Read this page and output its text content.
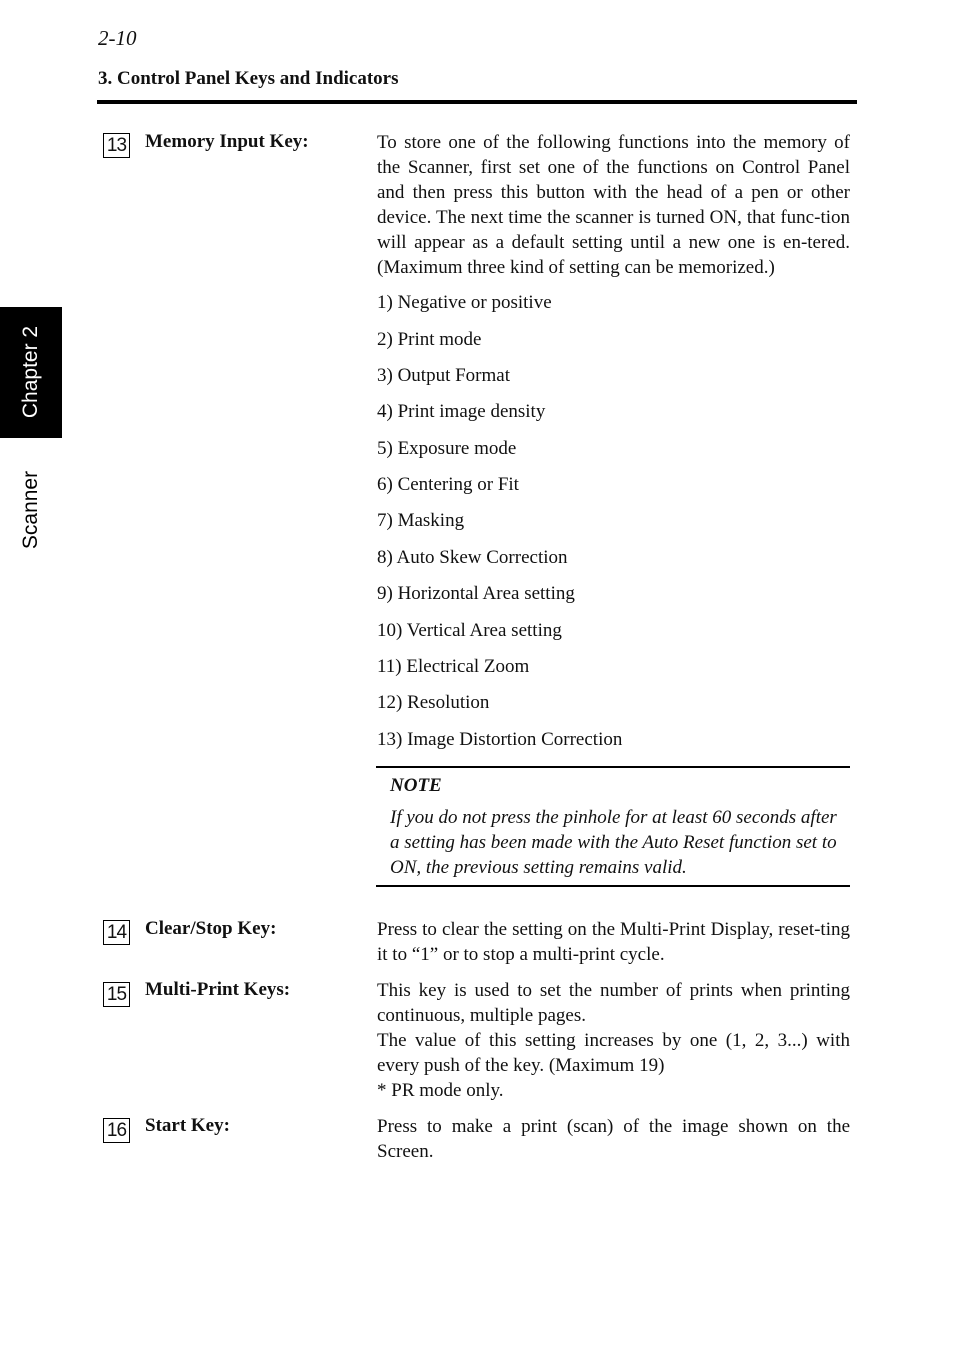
2-10
3. Control Panel Keys and Indicators
Chapter 2
Scanner
13 Memory Input Key:	To store one of the following functions into the memory of the Scanner, first set one of the functions on Control Panel and then press this button with the head of a pen or other device. The next time the scanner is turned ON, that func-tion will appear as a default setting until a new one is en-tered. (Maximum three kind of setting can be memorized.)
1) Negative or positive
2) Print mode
3) Output Format
4) Print image density
5) Exposure mode
6) Centering or Fit
7) Masking
8) Auto Skew Correction
9) Horizontal Area setting
10) Vertical Area setting
11) Electrical Zoom
12) Resolution
13) Image Distortion Correction
NOTE
If you do not press the pinhole for at least 60 seconds after a setting has been made with the Auto Reset function set to ON, the previous setting remains valid.
14 Clear/Stop Key:	Press to clear the setting on the Multi-Print Display, reset-ting it to “1” or to stop a multi-print cycle.
15 Multi-Print Keys:	This key is used to set the number of prints when printing continuous, multiple pages.
The value of this setting increases by one (1, 2, 3...) with every push of the key. (Maximum 19)
* PR mode only.
16 Start Key:	Press to make a print (scan) of the image shown on the Screen.
